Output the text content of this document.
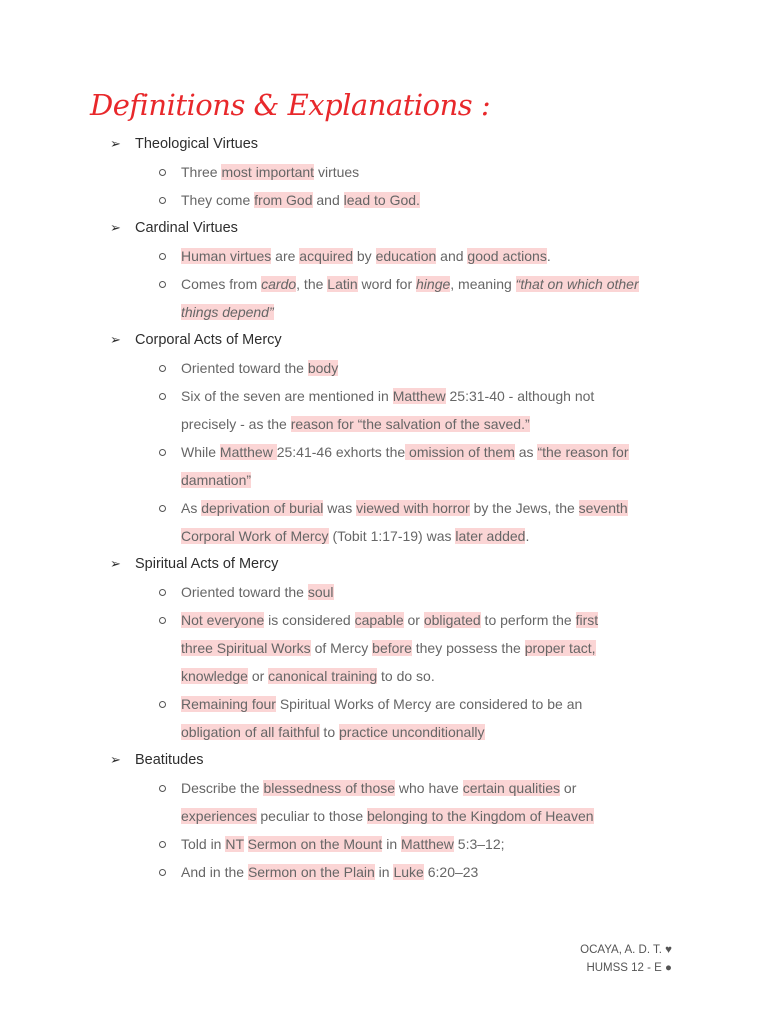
Definitions & Explanations :
➢ Theological Virtues
Three most important virtues
They come from God and lead to God.
➢ Cardinal Virtues
Human virtues are acquired by education and good actions.
Comes from cardo, the Latin word for hinge, meaning “that on which other
things depend”
➢ Corporal Acts of Mercy
Oriented toward the body
Six of the seven are mentioned in Matthew 25:31-40 - although not
precisely - as the reason for “the salvation of the saved.”
While Matthew 25:41-46 exhorts the omission of them as “the reason for
damnation”
As deprivation of burial was viewed with horror by the Jews, the seventh
Corporal Work of Mercy (Tobit 1:17-19) was later added.
➢ Spiritual Acts of Mercy
Oriented toward the soul
Not everyone is considered capable or obligated to perform the first
three Spiritual Works of Mercy before they possess the proper tact,
knowledge or canonical training to do so.
Remaining four Spiritual Works of Mercy are considered to be an
obligation of all faithful to practice unconditionally
➢ Beatitudes
Describe the blessedness of those who have certain qualities or
experiences peculiar to those belonging to the Kingdom of Heaven
Told in NT Sermon on the Mount in Matthew 5:3–12;
And in the Sermon on the Plain in Luke 6:20–23
OCAYA, A. D. T. ♥
HUMSS 12 - E ●
